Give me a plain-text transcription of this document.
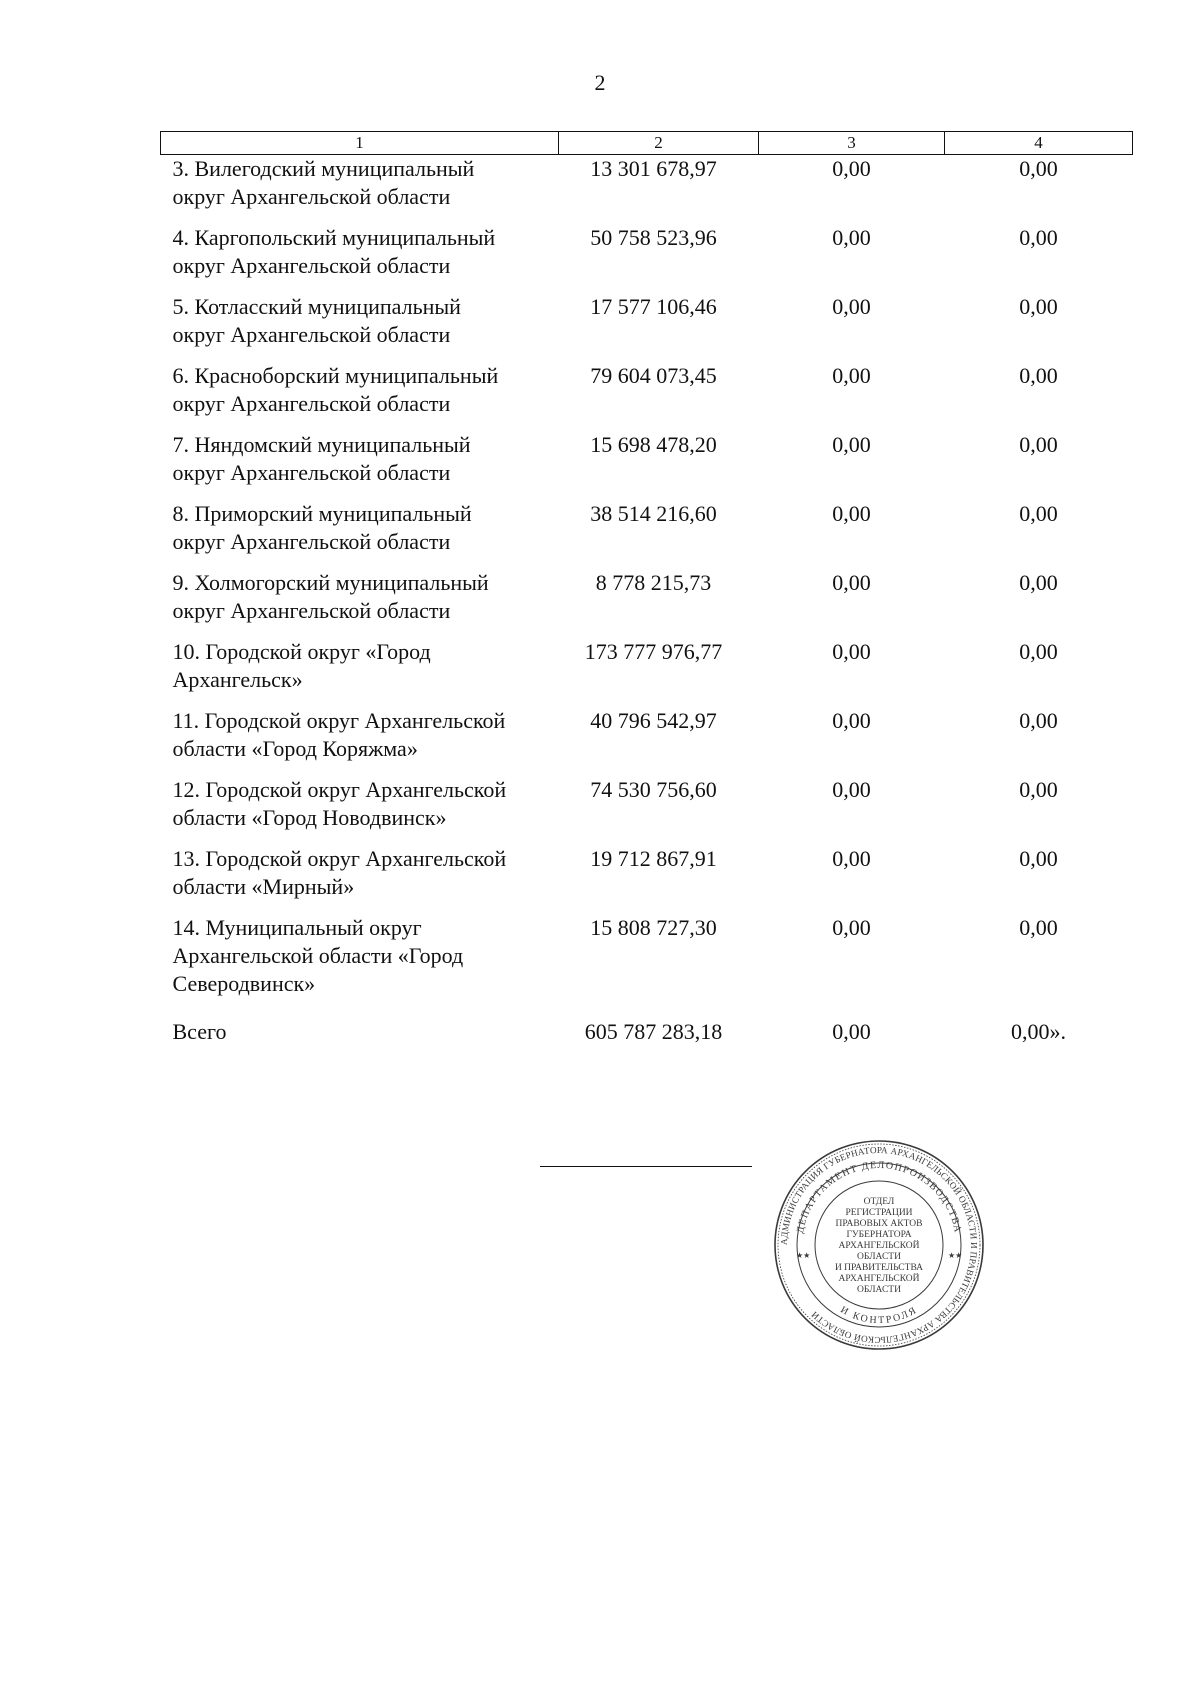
2
1	2	3	4

3. Вилегодский муниципальный
округ Архангельской области	13 301 678,97	0,00	0,00

4. Каргопольский муниципальный
округ Архангельской области	50 758 523,96	0,00	0,00

5. Котласский муниципальный
округ Архангельской области	17 577 106,46	0,00	0,00

6. Красноборский муниципальный
округ Архангельской области	79 604 073,45	0,00	0,00

7. Няндомский муниципальный
округ Архангельской области	15 698 478,20	0,00	0,00

8. Приморский муниципальный
округ Архангельской области	38 514 216,60	0,00	0,00

9. Холмогорский муниципальный
округ Архангельской области	8 778 215,73	0,00	0,00

10. Городской округ «Город
Архангельск»	173 777 976,77	0,00	0,00

11. Городской округ Архангельской
области «Город Коряжма»	40 796 542,97	0,00	0,00

12. Городской округ Архангельской
области «Город Новодвинск»	74 530 756,60	0,00	0,00

13. Городской округ Архангельской
области «Мирный»	19 712 867,91	0,00	0,00

14. Муниципальный округ
Архангельской области «Город
Северодвинск»	15 808 727,30	0,00	0,00
Всего	605 787 283,18	0,00	0,00».
АДМИНИСТРАЦИЯ ГУБЕРНАТОРА АРХАНГЕЛЬСКОЙ ОБЛАСТИ И ПРАВИТЕЛЬСТВА АРХАНГЕЛЬСКОЙ ОБЛАСТИ
ДЕПАРТАМЕНТ ДЕЛОПРОИЗВОДСТВА
И КОНТРОЛЯ
ОТДЕЛ
РЕГИСТРАЦИИ
ПРАВОВЫХ АКТОВ
ГУБЕРНАТОРА
АРХАНГЕЛЬСКОЙ
ОБЛАСТИ
И ПРАВИТЕЛЬСТВА
АРХАНГЕЛЬСКОЙ
ОБЛАСТИ
★★	★★
